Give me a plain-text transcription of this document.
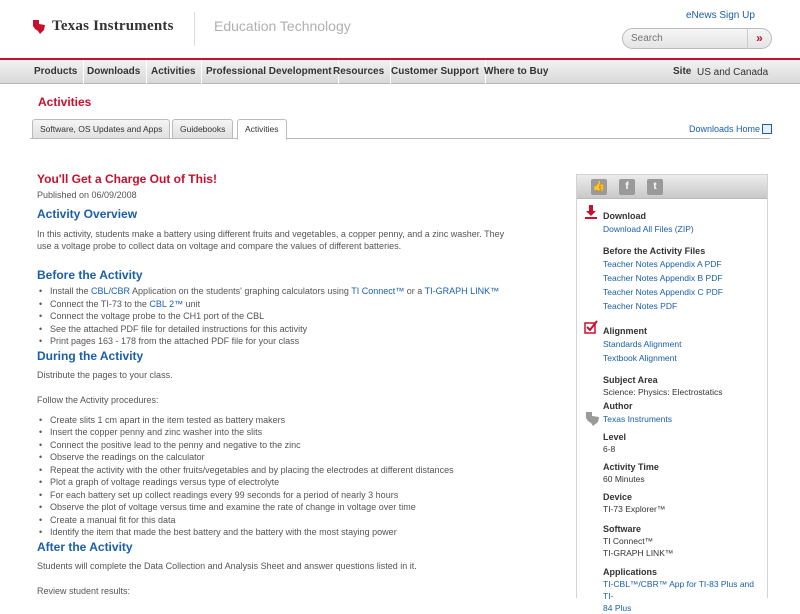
Texas Instruments	Education Technology
eNews Sign Up
Search
»
Products Downloads	Activities	Professional Development Resources Customer Support Where to Buy	Site US and Canada
Activities
Software, OS Updates and Apps	Guidebooks	Activities	Downloads Home
You'll Get a Charge Out of This!
Published on 06/09/2008
Activity Overview
In this activity, students make a battery using different fruits and vegetables, a copper penny, and a zinc washer. They
use a voltage probe to collect data on voltage and compare the values of different batteries.
Before the Activity
• Install the CBL/CBR Application on the students' graphing calculators using TI Connect™ or a TI-GRAPH LINK™
• Connect the TI-73 to the CBL 2™ unit
• Connect the voltage probe to the CH1 port of the CBL
• See the attached PDF file for detailed instructions for this activity
• Print pages 163 - 178 from the attached PDF file for your class
During the Activity
Distribute the pages to your class.
Follow the Activity procedures:
• Create slits 1 cm apart in the item tested as battery makers
• Insert the copper penny and zinc washer into the slits
• Connect the positive lead to the penny and negative to the zinc
• Observe the readings on the calculator
• Repeat the activity with the other fruits/vegetables and by placing the electrodes at different distances
• Plot a graph of voltage readings versus type of electrolyte
• For each battery set up collect readings every 99 seconds for a period of nearly 3 hours
• Observe the plot of voltage versus time and examine the rate of change in voltage over time
• Create a manual fit for this data
• Identify the item that made the best battery and the battery with the most staying power
After the Activity
Students will complete the Data Collection and Analysis Sheet and answer questions listed in it.
Review student results:
👍	f	t
Download
Download All Files (ZIP)
Before the Activity Files
Teacher Notes Appendix A PDF
Teacher Notes Appendix B PDF
Teacher Notes Appendix C PDF
Teacher Notes PDF
Alignment
Standards Alignment
Textbook Alignment
Subject Area
Science: Physics: Electrostatics
Author
Texas Instruments
Level
6-8
Activity Time
60 Minutes
Device
TI-73 Explorer™
Software
TI Connect™
TI-GRAPH LINK™
Applications
TI-CBL™/CBR™ App for TI-83 Plus and TI-
84 Plus
